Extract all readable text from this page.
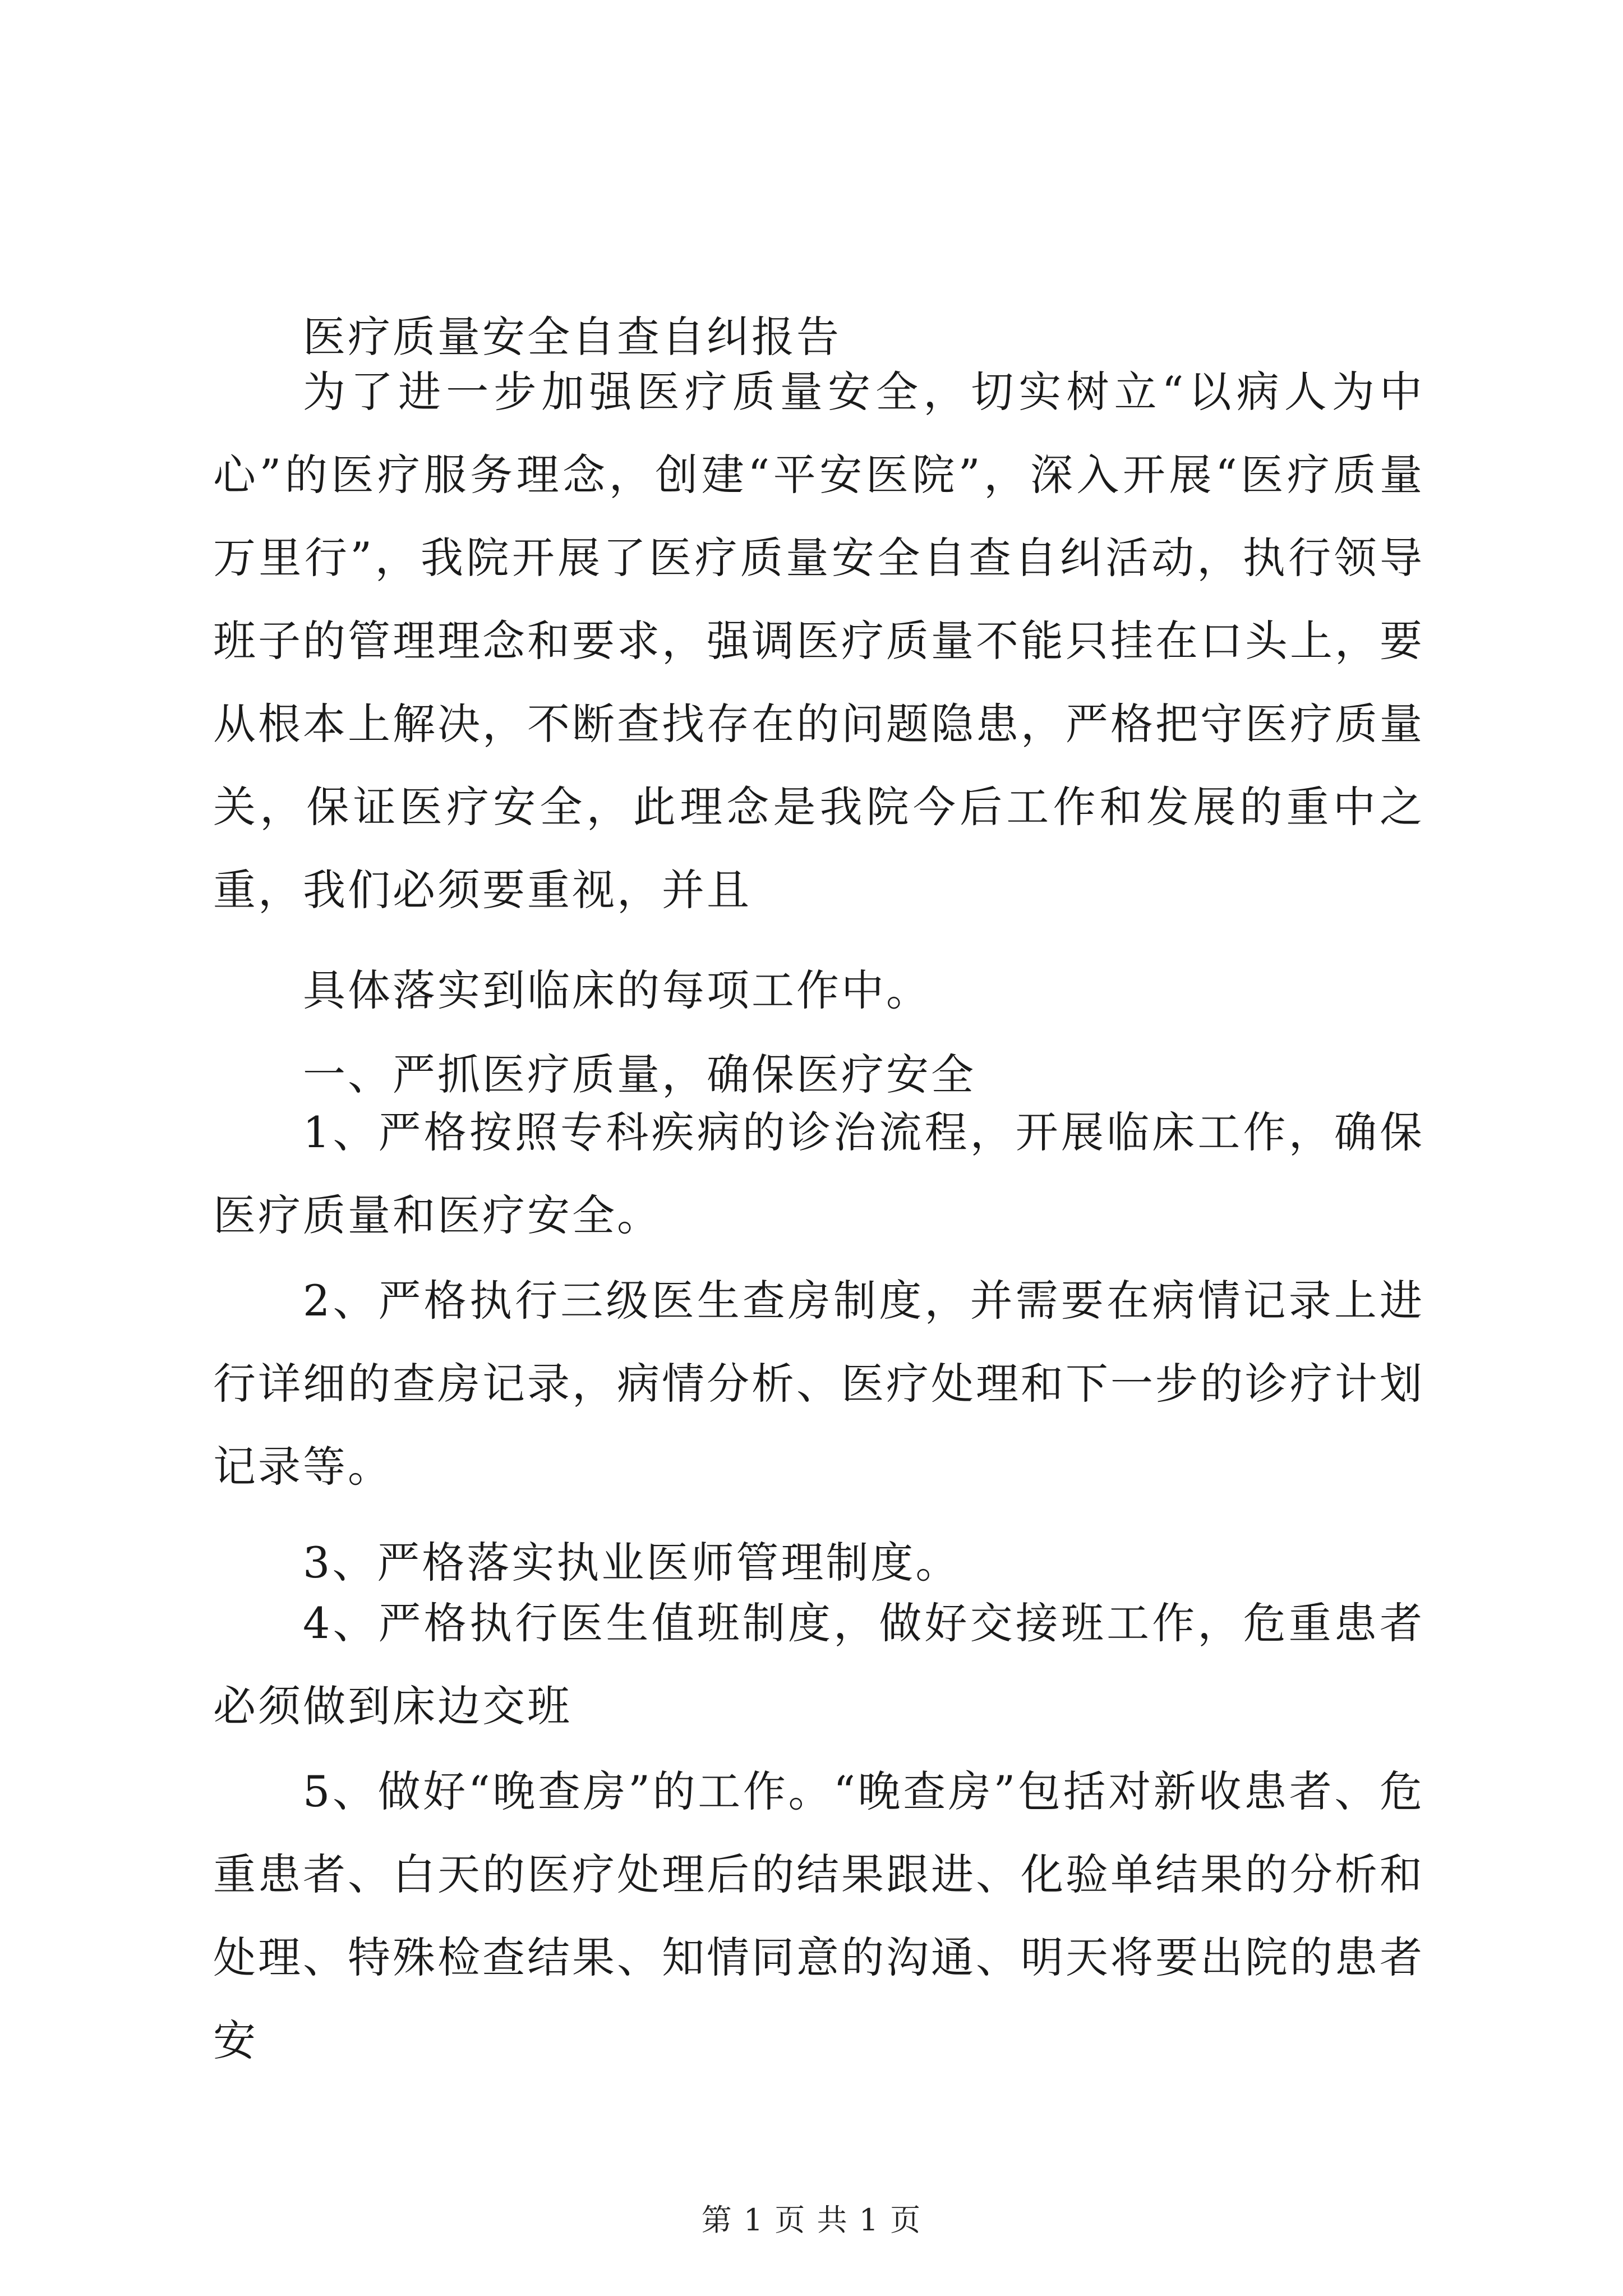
医疗质量安全自查自纠报告

为了进一步加强医疗质量安全，切实树立“以病人为中心”的医疗服务理念，创建“平安医院”，深入开展“医疗质量万里行”，我院开展了医疗质量安全自查自纠活动，执行领导班子的管理理念和要求，强调医疗质量不能只挂在口头上，要从根本上解决，不断查找存在的问题隐患，严格把守医疗质量关，保证医疗安全，此理念是我院今后工作和发展的重中之重，我们必须要重视，并且

具体落实到临床的每项工作中。
一、严抓医疗质量，确保医疗安全

1、严格按照专科疾病的诊治流程，开展临床工作，确保医疗质量和医疗安全。

2、严格执行三级医生查房制度，并需要在病情记录上进行详细的查房记录，病情分析、医疗处理和下一步的诊疗计划记录等。

3、严格落实执业医师管理制度。

4、严格执行医生值班制度，做好交接班工作，危重患者必须做到床边交班

5、做好“晚查房”的工作。“晚查房”包括对新收患者、危重患者、白天的医疗处理后的结果跟进、化验单结果的分析和处理、特殊检查结果、知情同意的沟通、明天将要出院的患者安

第 1 页 共 1 页
